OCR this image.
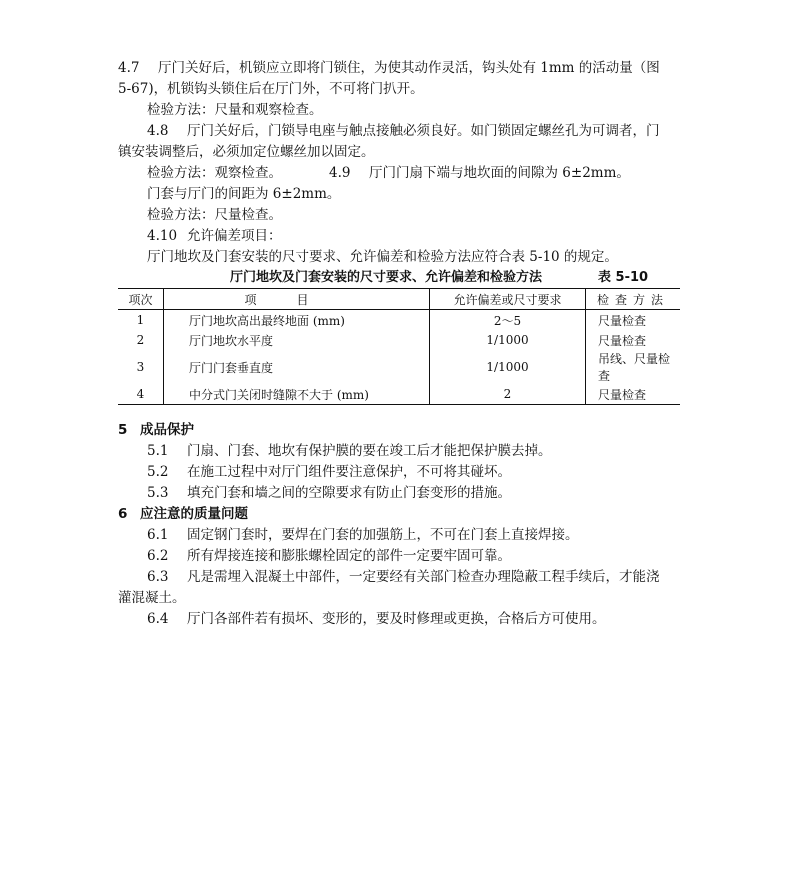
4.7 厅门关好后，机锁应立即将门锁住，为使其动作灵活，钩头处有 1mm 的活动量（图
5-67)，机锁钩头锁住后在厅门外，不可将门扒开。
检验方法：尺量和观察检查。
4.8 厅门关好后，门锁导电座与触点接触必须良好。如门锁固定螺丝孔为可调者，门
镇安装调整后，必须加定位螺丝加以固定。
检验方法：观察检查。	4.9 厅门门扇下端与地坎面的间隙为 6±2mm。
门套与厅门的间距为 6±2mm。
检验方法：尺量检查。
4.10 允许偏差项目：
厅门地坎及门套安装的尺寸要求、允许偏差和检验方法应符合表 5-10 的规定。
厅门地坎及门套安装的尺寸要求、允许偏差和检验方法	表 5-10
项次	项目	允许偏差或尺寸要求	检查方法
1	厅门地坎高出最终地面 (mm)	2～5	尺量检查
2	厅门地坎水平度	1/1000	尺量检查
3	厅门门套垂直度	1/1000	吊线、尺量检查
4	中分式门关闭时缝隙不大于 (mm)	2	尺量检查
5 成品保护
5.1 门扇、门套、地坎有保护膜的要在竣工后才能把保护膜去掉。
5.2 在施工过程中对厅门组件要注意保护，不可将其碰坏。
5.3 填充门套和墙之间的空隙要求有防止门套变形的措施。
6 应注意的质量问题
6.1 固定钢门套时，要焊在门套的加强筋上，不可在门套上直接焊接。
6.2 所有焊接连接和膨胀螺栓固定的部件一定要牢固可靠。
6.3 凡是需埋入混凝土中部件，一定要经有关部门检查办理隐蔽工程手续后，才能浇
灌混凝土。
6.4 厅门各部件若有损坏、变形的，要及时修理或更换，合格后方可使用。
